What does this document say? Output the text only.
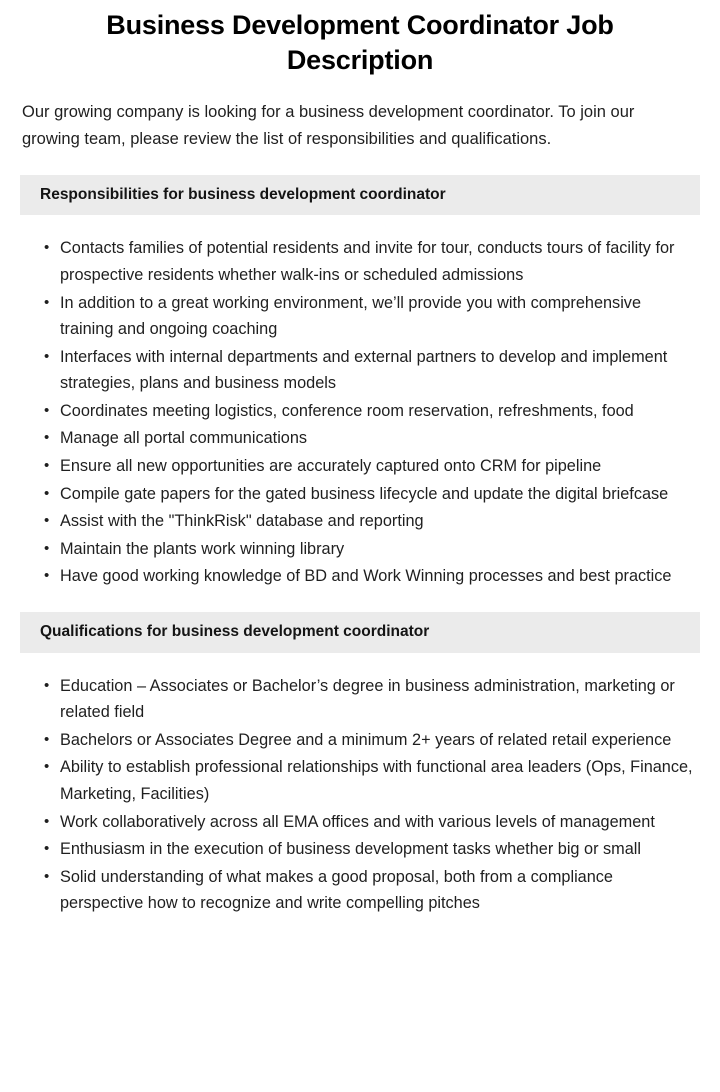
Business Development Coordinator Job Description

Our growing company is looking for a business development coordinator. To join our growing team, please review the list of responsibilities and qualifications.

Responsibilities for business development coordinator
• Contacts families of potential residents and invite for tour, conducts tours of facility for prospective residents whether walk-ins or scheduled admissions
• In addition to a great working environment, we’ll provide you with comprehensive training and ongoing coaching
• Interfaces with internal departments and external partners to develop and implement strategies, plans and business models
• Coordinates meeting logistics, conference room reservation, refreshments, food
• Manage all portal communications
• Ensure all new opportunities are accurately captured onto CRM for pipeline
• Compile gate papers for the gated business lifecycle and update the digital briefcase
• Assist with the "ThinkRisk" database and reporting
• Maintain the plants work winning library
• Have good working knowledge of BD and Work Winning processes and best practice
Qualifications for business development coordinator
• Education – Associates or Bachelor’s degree in business administration, marketing or related field
• Bachelors or Associates Degree and a minimum 2+ years of related retail experience
• Ability to establish professional relationships with functional area leaders (Ops, Finance, Marketing, Facilities)
• Work collaboratively across all EMA offices and with various levels of management
• Enthusiasm in the execution of business development tasks whether big or small
• Solid understanding of what makes a good proposal, both from a compliance perspective how to recognize and write compelling pitches
